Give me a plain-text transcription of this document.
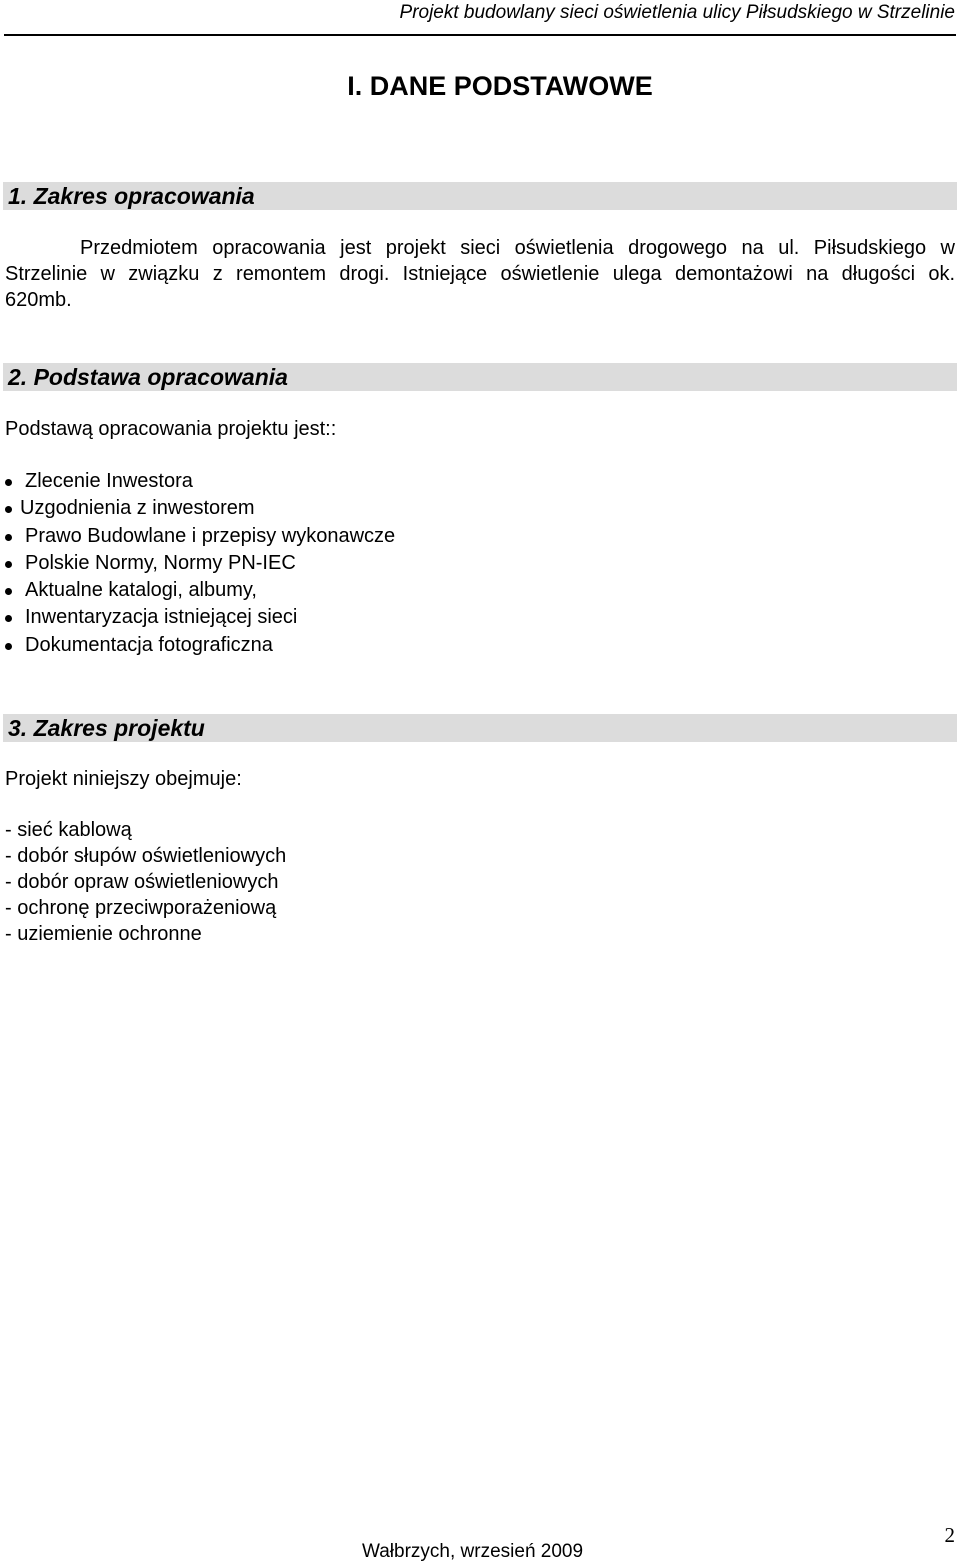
Projekt budowlany sieci oświetlenia ulicy Piłsudskiego w Strzelinie
I. DANE PODSTAWOWE
1. Zakres opracowania
Przedmiotem opracowania jest projekt sieci oświetlenia drogowego na ul. Piłsudskiego w
Strzelinie w związku z remontem drogi. Istniejące oświetlenie ulega demontażowi na długości ok.
620mb.
2. Podstawa opracowania
Podstawą opracowania projektu jest::
Zlecenie Inwestora
Uzgodnienia z inwestorem
Prawo Budowlane i przepisy wykonawcze
Polskie Normy, Normy PN-IEC
Aktualne katalogi, albumy,
Inwentaryzacja istniejącej sieci
Dokumentacja fotograficzna
3. Zakres projektu
Projekt niniejszy obejmuje:
- sieć kablową
- dobór słupów oświetleniowych
- dobór opraw oświetleniowych
- ochronę przeciwporażeniową
- uziemienie ochronne
Wałbrzych, wrzesień 2009
2
